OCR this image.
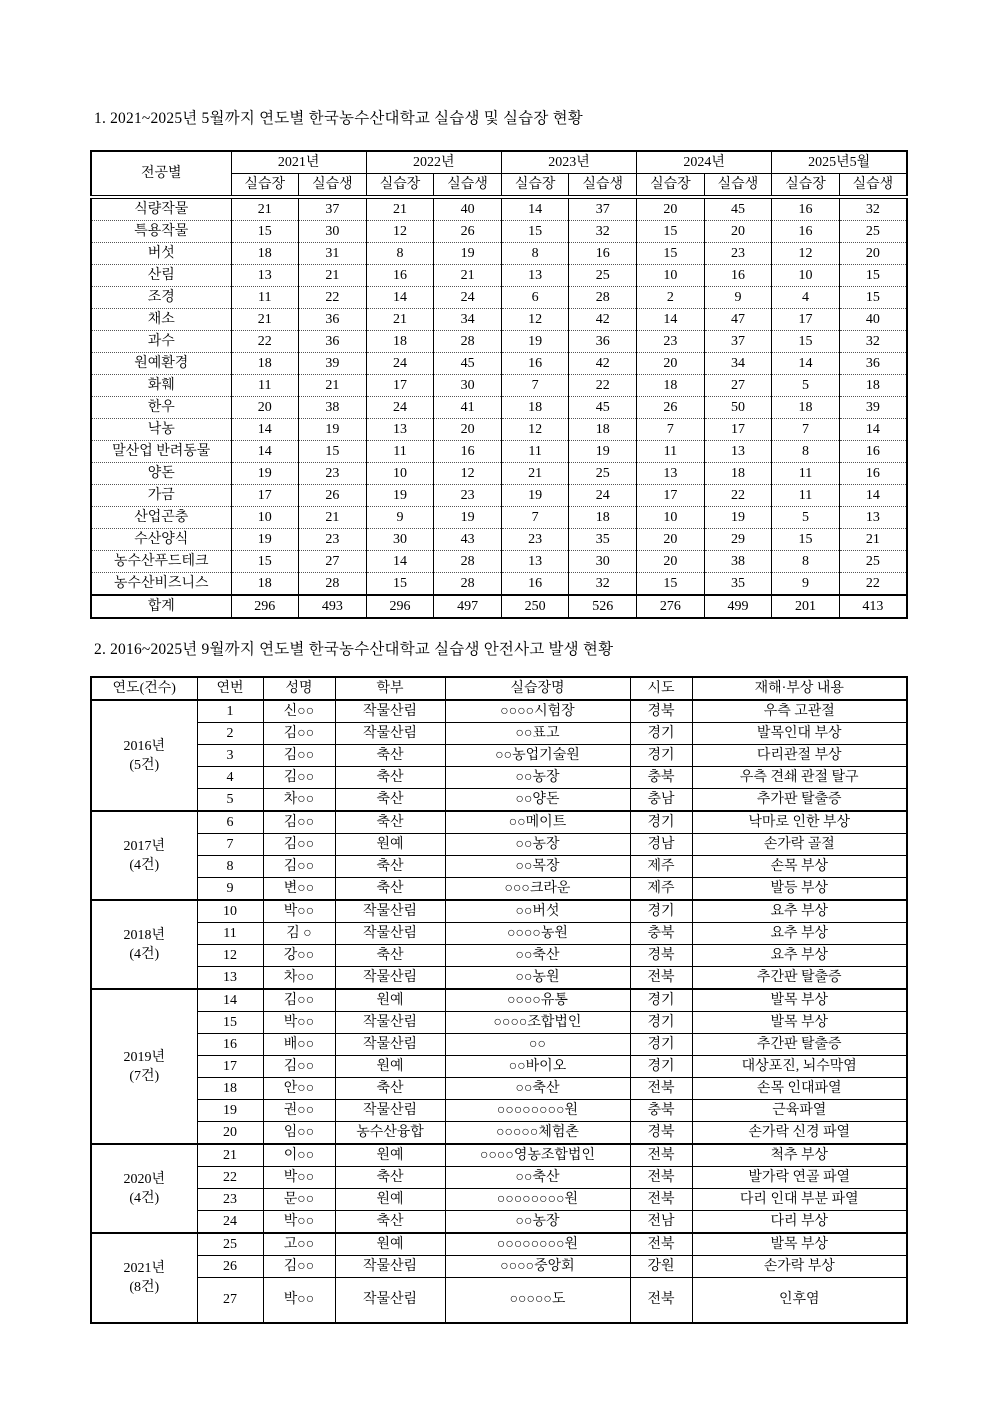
1. 2021~2025년 5월까지 연도별 한국농수산대학교 실습생 및 실습장 현황
전공별	2021년		2022년		2023년		2024년		2025년5월	
	실습장	실습생	실습장	실습생	실습장	실습생	실습장	실습생	실습장	실습생
식량작물	21	37	21	40	14	37	20	45	16	32
특용작물	15	30	12	26	15	32	15	20	16	25
버섯	18	31	8	19	8	16	15	23	12	20
산림	13	21	16	21	13	25	10	16	10	15
조경	11	22	14	24	6	28	2	9	4	15
채소	21	36	21	34	12	42	14	47	17	40
과수	22	36	18	28	19	36	23	37	15	32
원예환경	18	39	24	45	16	42	20	34	14	36
화훼	11	21	17	30	7	22	18	27	5	18
한우	20	38	24	41	18	45	26	50	18	39
낙농	14	19	13	20	12	18	7	17	7	14
말산업 반려동물	14	15	11	16	11	19	11	13	8	16
양돈	19	23	10	12	21	25	13	18	11	16
가금	17	26	19	23	19	24	17	22	11	14
산업곤충	10	21	9	19	7	18	10	19	5	13
수산양식	19	23	30	43	23	35	20	29	15	21
농수산푸드테크	15	27	14	28	13	30	20	38	8	25
농수산비즈니스	18	28	15	28	16	32	15	35	9	22
합계	296	493	296	497	250	526	276	499	201	413
2. 2016~2025년 9월까지 연도별 한국농수산대학교 실습생 안전사고 발생 현황
연도(건수)	연번	성명	학부	실습장명	시도	재해·부상 내용

2016년
(5건)	1	신○○	작물산림	○○○○시험장	경북	우측 고관절
	2	김○○	작물산림	○○표고	경기	발목인대 부상
	3	김○○	축산	○○농업기술원	경기	다리관절 부상
	4	김○○	축산	○○농장	충북	우측 견쇄 관절 탈구
	5	차○○	축산	○○양돈	충남	추가판 탈출증

2017년
(4건)	6	김○○	축산	○○메이트	경기	낙마로 인한 부상
	7	김○○	원예	○○농장	경남	손가락 골절
	8	김○○	축산	○○목장	제주	손목 부상
	9	변○○	축산	○○○크라운	제주	발등 부상

2018년
(4건)	10	박○○	작물산림	○○버섯	경기	요추 부상
	11	김 ○	작물산림	○○○○농원	충북	요추 부상
	12	강○○	축산	○○축산	경북	요추 부상
	13	차○○	작물산림	○○농원	전북	추간판 탈출증

2019년
(7건)	14	김○○	원예	○○○○유통	경기	발목 부상
	15	박○○	작물산림	○○○○조합법인	경기	발목 부상
	16	배○○	작물산림	○○	경기	추간판 탈출증
	17	김○○	원예	○○바이오	경기	대상포진, 뇌수막염
	18	안○○	축산	○○축산	전북	손목 인대파열
	19	권○○	작물산림	○○○○○○○○원	충북	근육파열
	20	임○○	농수산융합	○○○○○체험촌	경북	손가락 신경 파열

2020년
(4건)	21	이○○	원예	○○○○영농조합법인	전북	척추 부상
	22	박○○	축산	○○축산	전북	발가락 연골 파열
	23	문○○	원예	○○○○○○○○원	전북	다리 인대 부분 파열
	24	박○○	축산	○○농장	전남	다리 부상

2021년
(8건)	25	고○○	원예	○○○○○○○○원	전북	발목 부상
	26	김○○	작물산림	○○○○중앙회	강원	손가락 부상
	27	박○○	작물산림	○○○○○도	전북	인후염
